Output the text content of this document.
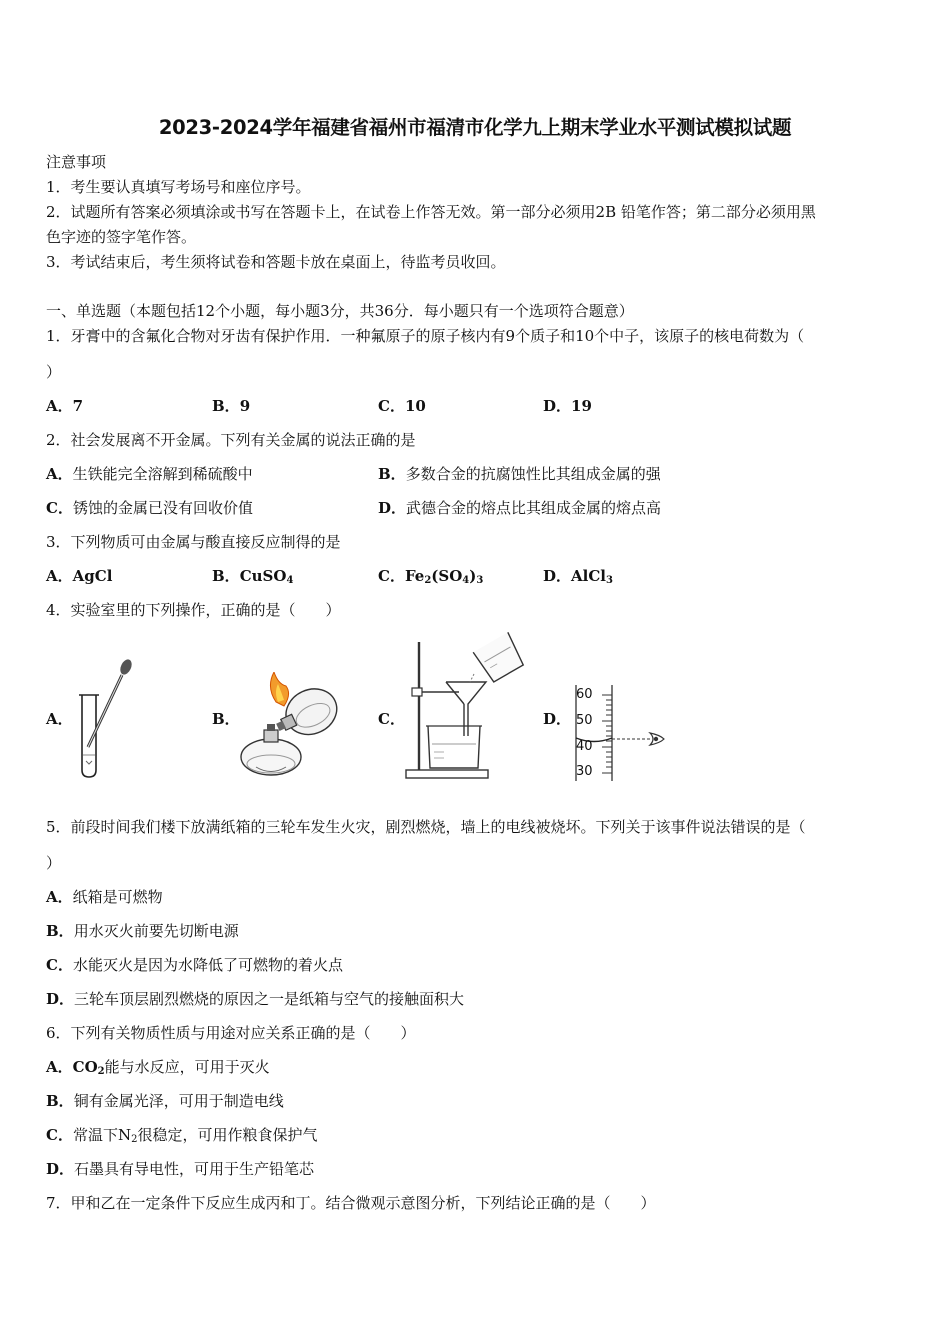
2023-2024学年福建省福州市福清市化学九上期末学业水平测试模拟试题
注意事项
1．考生要认真填写考场号和座位序号。
2．试题所有答案必须填涂或书写在答题卡上，在试卷上作答无效。第一部分必须用2B 铅笔作答；第二部分必须用黑
色字迹的签字笔作答。
3．考试结束后，考生须将试卷和答题卡放在桌面上，待监考员收回。
一、单选题（本题包括12个小题，每小题3分，共36分．每小题只有一个选项符合题意）
1．牙膏中的含氟化合物对牙齿有保护作用．一种氟原子的原子核内有9个质子和10个中子，该原子的核电荷数为（
）
A．7	B．9	C．10	D．19
2．社会发展离不开金属。下列有关金属的说法正确的是
A．生铁能完全溶解到稀硫酸中	B．多数合金的抗腐蚀性比其组成金属的强
C．锈蚀的金属已没有回收价值	D．武德合金的熔点比其组成金属的熔点高
3．下列物质可由金属与酸直接反应制得的是
A．AgCl	B．CuSO$_4$	C．$Fe_2(SO_4)_3$	D．AlCl$_3$
4．实验室里的下列操作，正确的是（　　）
A．	B．	C．	D．
60
50
40
30
5．前段时间我们楼下放满纸箱的三轮车发生火灾，剧烈燃烧，墙上的电线被烧坏。下列关于该事件说法错误的是（
）
A．纸箱是可燃物
B．用水灭火前要先切断电源
C．水能灭火是因为水降低了可燃物的着火点
D．三轮车顶层剧烈燃烧的原因之一是纸箱与空气的接触面积大
6．下列有关物质性质与用途对应关系正确的是（　　）
A．$CO_2$能与水反应，可用于灭火
B．铜有金属光泽，可用于制造电线
C．常温下$N_2$很稳定，可用作粮食保护气
D．石墨具有导电性，可用于生产铅笔芯
7．甲和乙在一定条件下反应生成丙和丁。结合微观示意图分析，下列结论正确的是（　　）
